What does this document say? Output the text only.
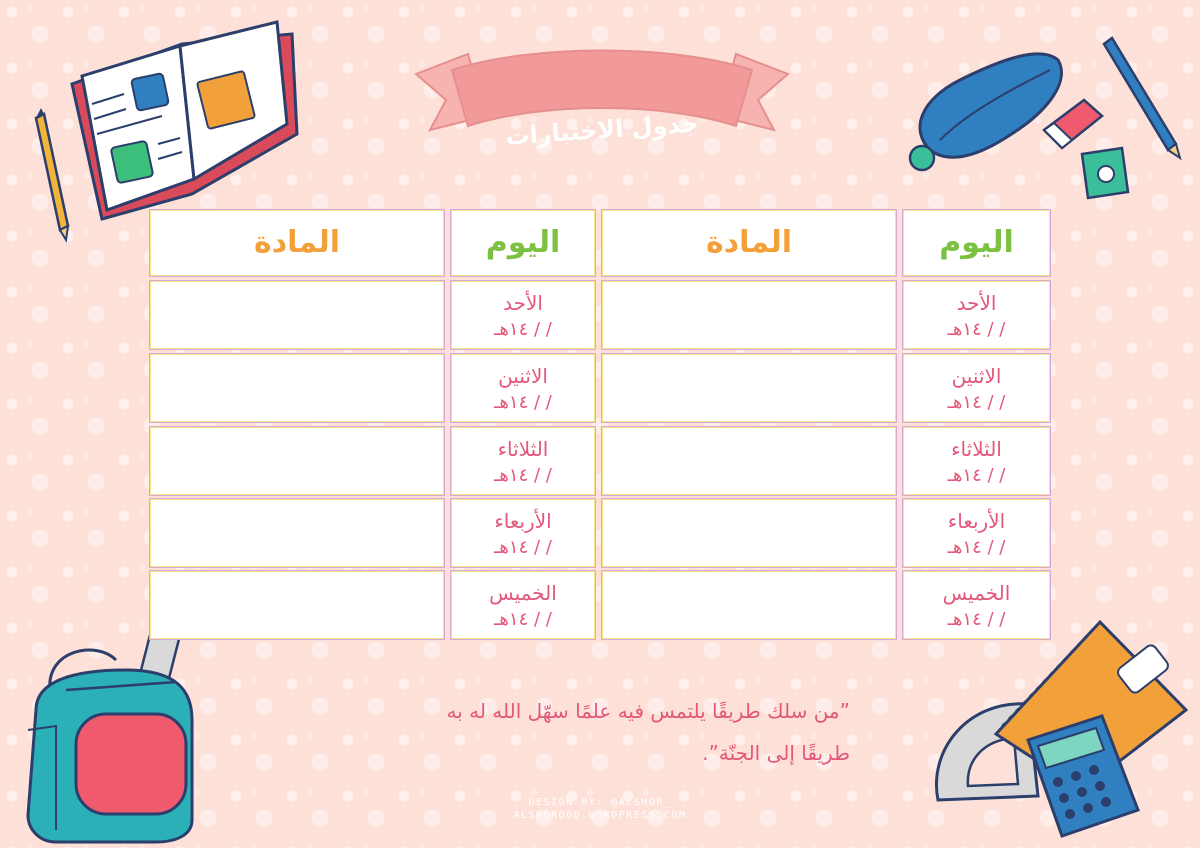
جدول الاختبارات
اليوم
المادة
اليوم
المادة
الأحد
/ / ١٤هـ
الأحد
/ / ١٤هـ
الاثنين
/ / ١٤هـ
الاثنين
/ / ١٤هـ
الثلاثاء
/ / ١٤هـ
الثلاثاء
/ / ١٤هـ
الأربعاء
/ / ١٤هـ
الأربعاء
/ / ١٤هـ
الخميس
/ / ١٤هـ
الخميس
/ / ١٤هـ
”من سلك طريقًا يلتمس فيه علمًا سهّل الله له به
طريقًا إلى الجنّة”.
DESIGN BY: @ALSHOR_
ALSHOROOQ.WORDPRESS.COM
